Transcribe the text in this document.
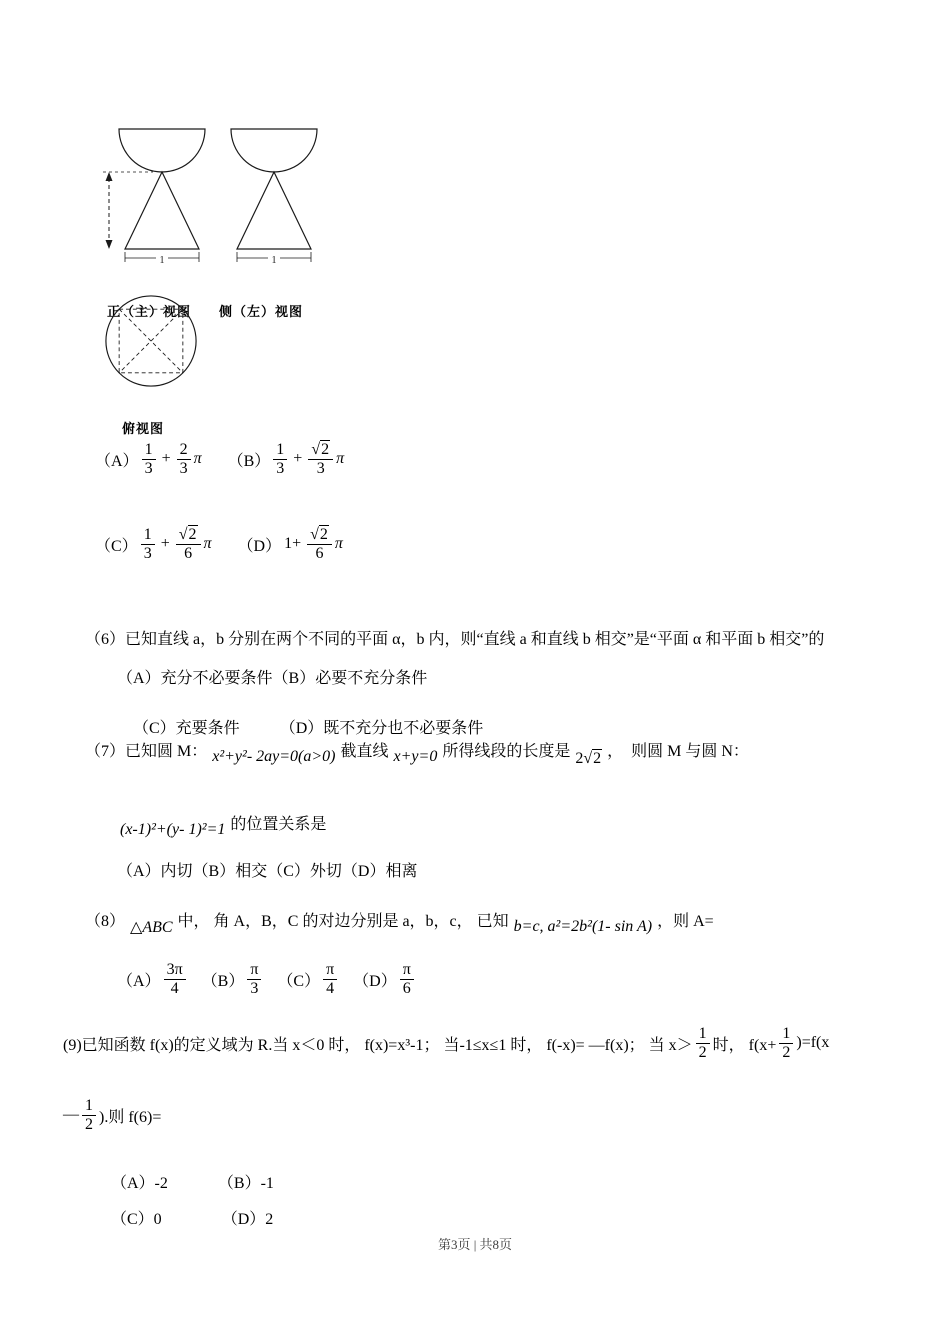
1

正（主）视图

1

侧（左）视图

俯视图

$(A) \frac{1}{3} + \frac{2}{3}$ π $(B) \frac{1}{3} + \frac{√2}{3}$ π
$(C) \frac{1}{3} + \frac{√2}{6}$ π （D） $1+ \frac{√2}{6}$ π
（6）已知直线 a，b 分别在两个不同的平面 α，b 内，则“直线 a 和直线 b 相交”是“平面 α 和平面 b 相交”的
（A）充分不必要条件（B）必要不充分条件

（C）充要条件	（D）既不充分也不必要条件

（7）已知圆 M： x²+y²- 2ay=0(a>0) 截直线 x+y=0 所得线段的长度是 2√2 ，  则圆 M 与圆 N：
(x-1)²+(y- 1)²=1 的位置关系是
（A）内切（B）相交（C）外切（D）相离
（8） △ABC 中， 角 A，B，C 的对边分别是 a，b，c， 已知 b=c, a²=2b²(1- sin A) ，则 A=
$(A) \frac{3\pi}{4} (B) \frac{\pi}{3} (C) \frac{\pi}{4} (D) \frac{\pi}{6}$
(9)已知函数 f(x)的定义域为 R.当 x＜0 时， f(x)=x³-1； 当-1≤x≤1 时， f(-x)= —f(x)； 当 $x> \frac{1}{2}$ 时， $f(x+ \frac{1}{2} )=f(x$
— $\frac{1}{2}$ ).则 f(6)=

（A）-2	（B）-1

（C）0	（D）2

第3页 | 共8页
